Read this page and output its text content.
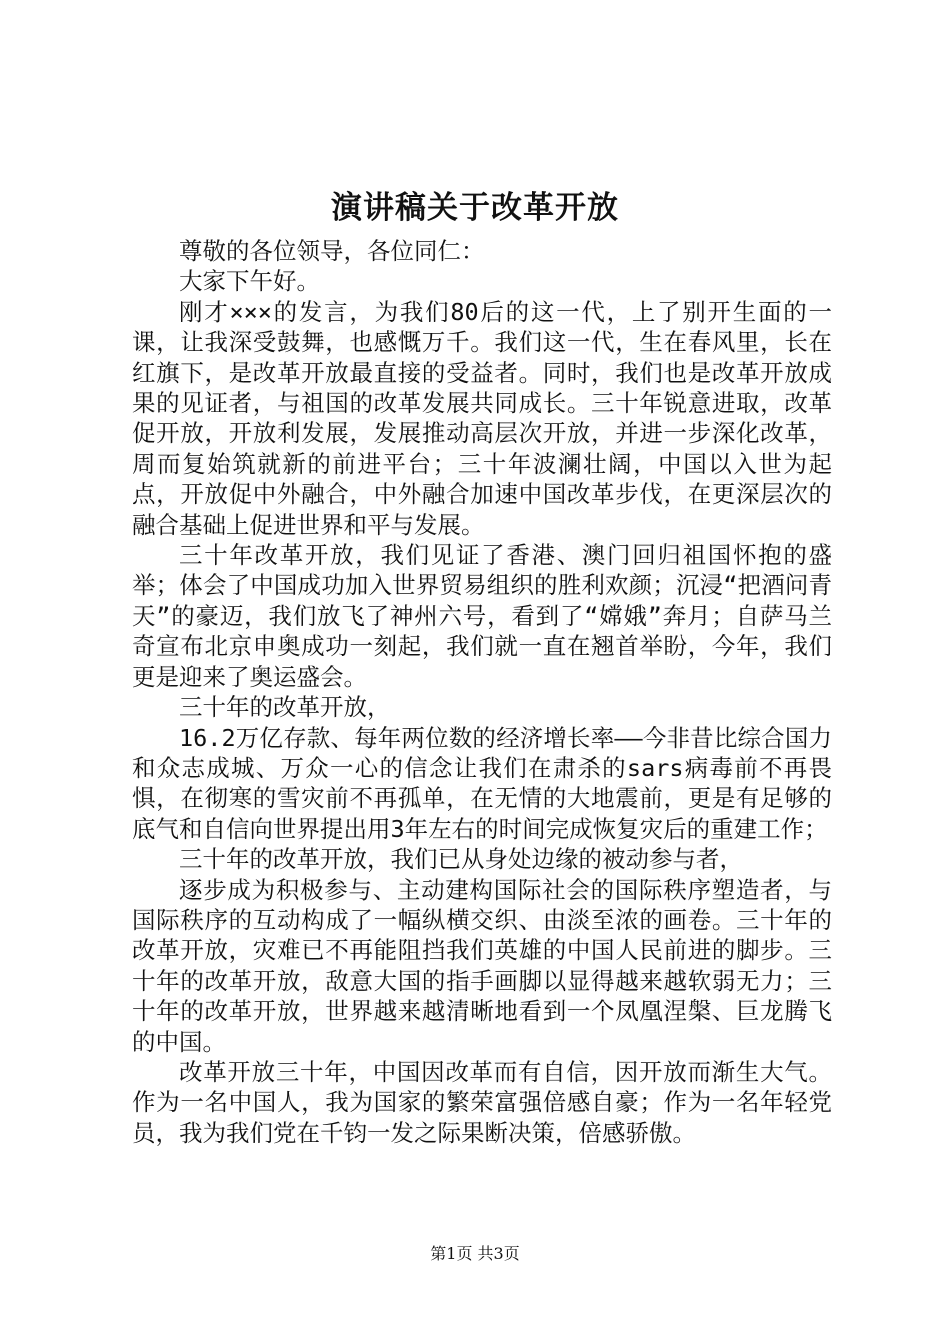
演讲稿关于改革开放

尊敬的各位领导，各位同仁：

大家下午好。

刚才×××的发言，为我们80后的这一代，上了别开生面的一课，让我深受鼓舞，也感慨万千。我们这一代，生在春风里，长在红旗下，是改革开放最直接的受益者。同时，我们也是改革开放成果的见证者，与祖国的改革发展共同成长。三十年锐意进取，改革促开放，开放利发展，发展推动高层次开放，并进一步深化改革，周而复始筑就新的前进平台；三十年波澜壮阔，中国以入世为起点，开放促中外融合，中外融合加速中国改革步伐，在更深层次的融合基础上促进世界和平与发展。

三十年改革开放，我们见证了香港、澳门回归祖国怀抱的盛举；体会了中国成功加入世界贸易组织的胜利欢颜；沉浸“把酒问青天”的豪迈，我们放飞了神州六号，看到了“嫦娥”奔月；自萨马兰奇宣布北京申奥成功一刻起，我们就一直在翘首举盼，今年，我们更是迎来了奥运盛会。

三十年的改革开放，

16.2万亿存款、每年两位数的经济增长率——今非昔比综合国力和众志成城、万众一心的信念让我们在肃杀的sars病毒前不再畏惧，在彻寒的雪灾前不再孤单，在无情的大地震前，更是有足够的底气和自信向世界提出用3年左右的时间完成恢复灾后的重建工作；

三十年的改革开放，我们已从身处边缘的被动参与者，

逐步成为积极参与、主动建构国际社会的国际秩序塑造者，与国际秩序的互动构成了一幅纵横交织、由淡至浓的画卷。三十年的改革开放，灾难已不再能阻挡我们英雄的中国人民前进的脚步。三十年的改革开放，敌意大国的指手画脚以显得越来越软弱无力；三十年的改革开放，世界越来越清晰地看到一个凤凰涅槃、巨龙腾飞的中国。

改革开放三十年，中国因改革而有自信，因开放而渐生大气。作为一名中国人，我为国家的繁荣富强倍感自豪；作为一名年轻党员，我为我们党在千钧一发之际果断决策，倍感骄傲。

第1页 共3页
